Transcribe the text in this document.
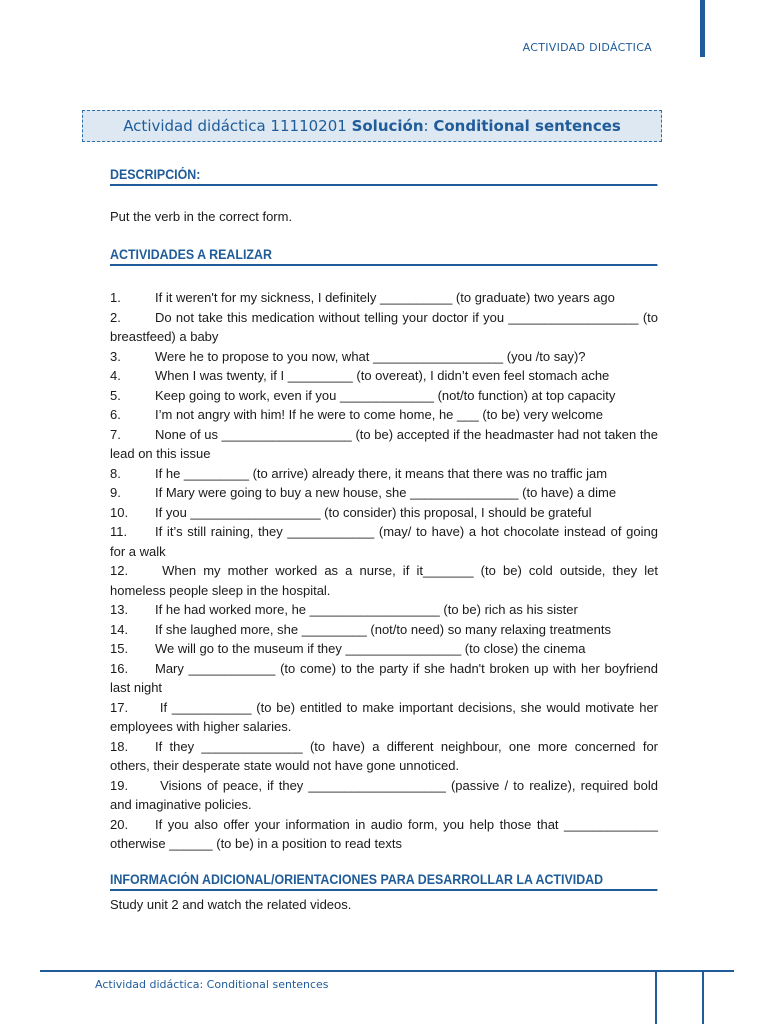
ACTIVIDAD DIDÁCTICA
Actividad didáctica 11110201
Solución :
Conditional sentences
DESCRIPCIÓN:
Put the verb in the correct form.
ACTIVIDADES A REALIZAR
1.	If it weren't for my sickness, I definitely __________ (to graduate) two years ago
2.	Do not take this medication without telling your doctor if you __________________ (to breastfeed) a baby
3.	Were he to propose to you now, what __________________ (you /to say)?
4.	When I was twenty, if I _________ (to overeat), I didn’t even feel stomach ache
5.	Keep going to work, even if you _____________ (not/to function) at top capacity
6.	I’m not angry with him! If he were to come home, he ___ (to be) very welcome
7.	None of us __________________ (to be) accepted if the headmaster had not taken the lead on this issue
8.	If he _________ (to arrive) already there, it means that there was no traffic jam
9.	If Mary were going to buy a new house, she _______________ (to have) a dime
10. If you __________________ (to consider) this proposal, I should be grateful
11. If it’s still raining, they ____________ (may/ to have) a hot chocolate instead of going for a walk
12. When my mother worked as a nurse, if it_______ (to be) cold outside, they let homeless people sleep in the hospital.
13. If he had worked more, he __________________ (to be) rich as his sister
14. If she laughed more, she _________ (not/to need) so many relaxing treatments
15. We will go to the museum if they ________________ (to close) the cinema
16. Mary ____________ (to come) to the party if she hadn't broken up with her boyfriend last night
17. If ___________ (to be) entitled to make important decisions, she would motivate her employees with higher salaries.
18. If they ______________ (to have) a different neighbour, one more concerned for others, their desperate state would not have gone unnoticed.
19. Visions of peace, if they ___________________ (passive / to realize), required bold and imaginative policies.
20. If you also offer your information in audio form, you help those that _____________ otherwise ______ (to be) in a position to read texts
INFORMACIÓN ADICIONAL/ORIENTACIONES PARA DESARROLLAR LA ACTIVIDAD
Study unit 2 and watch the related videos.
Actividad didáctica: Conditional sentences
